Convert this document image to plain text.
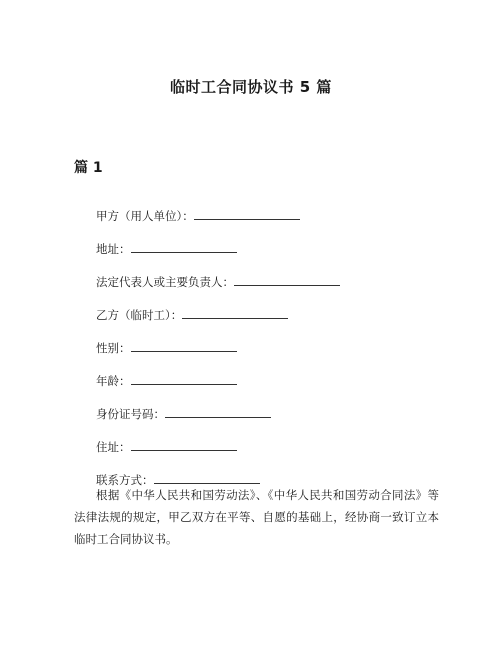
临时工合同协议书 5 篇
篇 1
甲方（用人单位）：
地址：
法定代表人或主要负责人：
乙方（临时工）：
性别：
年龄：
身份证号码：
住址：
联系方式：

根据《中华人民共和国劳动法》、《中华人民共和国劳动合同法》等法律法规的规定，甲乙双方在平等、自愿的基础上，经协商一致订立本临时工合同协议书。
